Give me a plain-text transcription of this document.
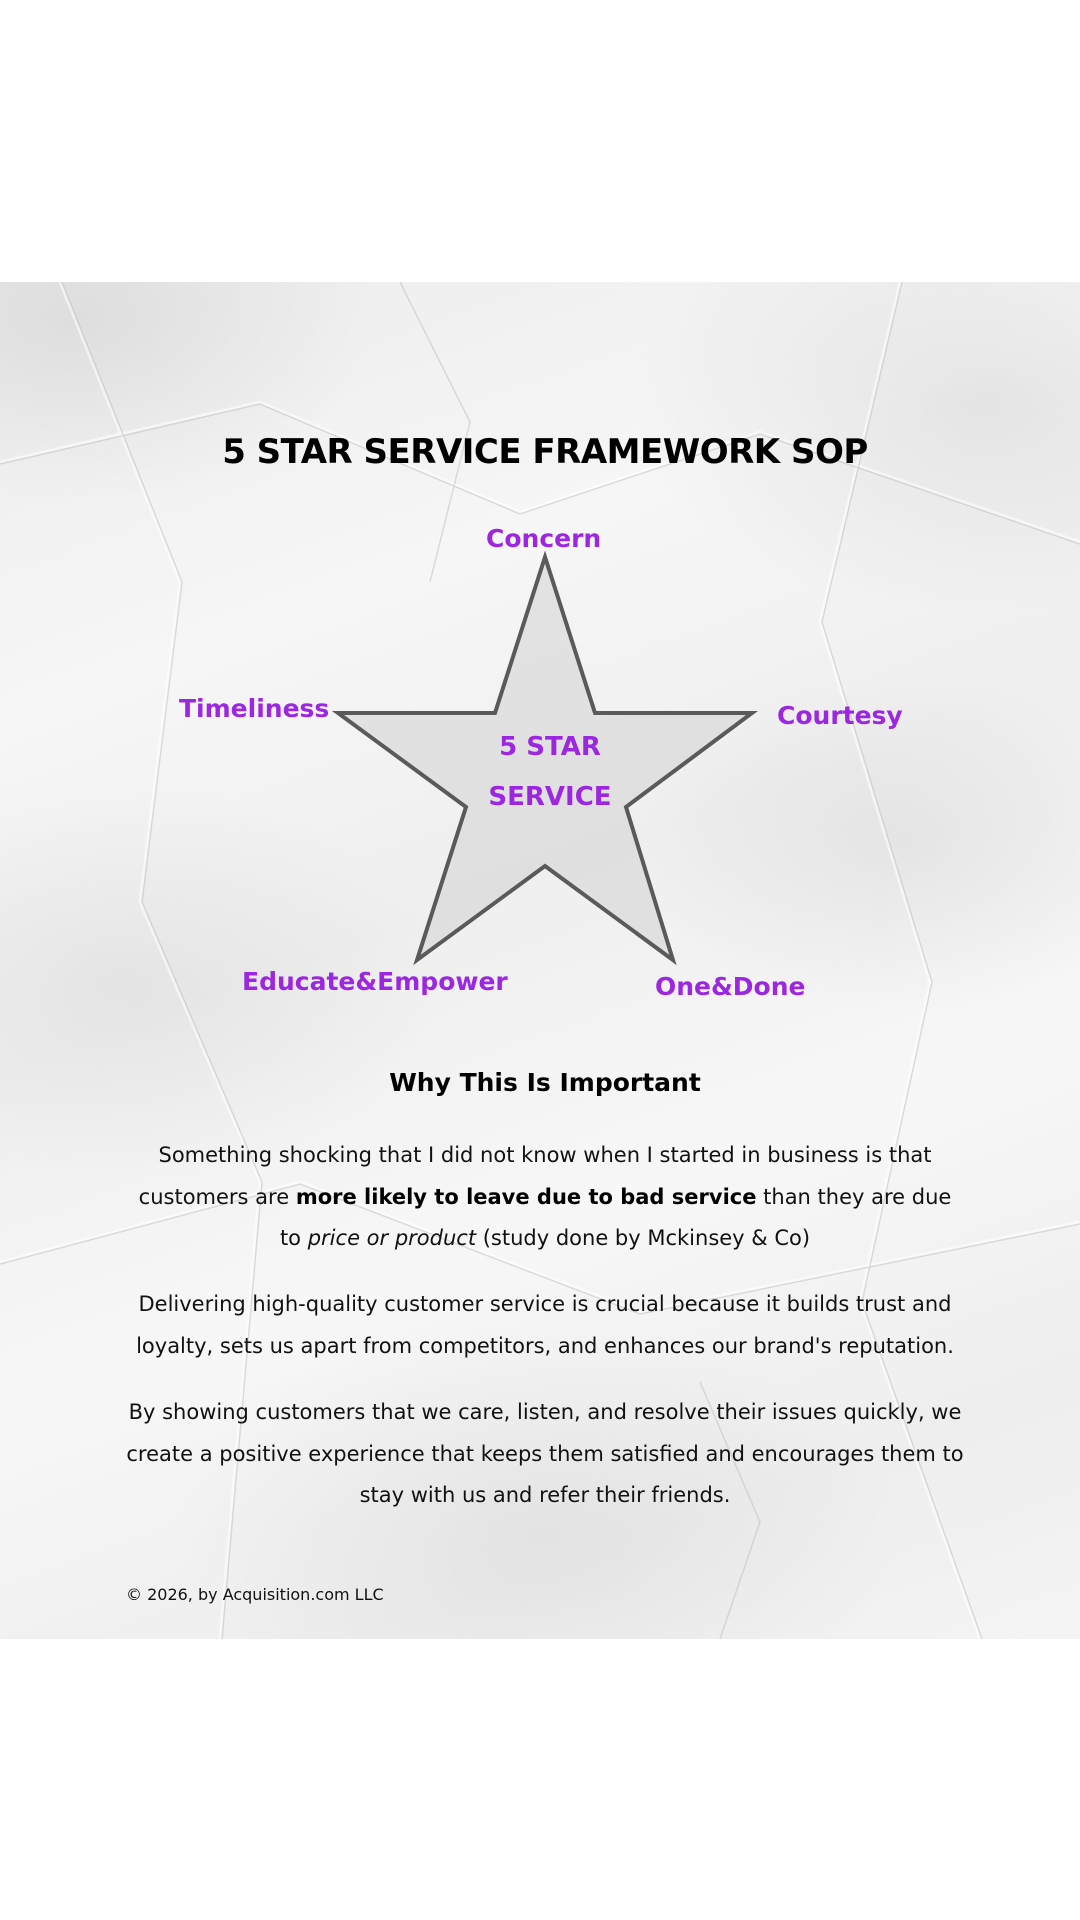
5 STAR SERVICE FRAMEWORK SOP

Concern

Timeliness	Courtesy

Educate&Empower	One&Done

5 STAR
SERVICE
Why This Is Important

Something shocking that I did not know when I started in business is that customers are more likely to leave due to bad service than they are due to price or product (study done by Mckinsey & Co)

Delivering high-quality customer service is crucial because it builds trust and loyalty, sets us apart from competitors, and enhances our brand's reputation.

By showing customers that we care, listen, and resolve their issues quickly, we create a positive experience that keeps them satisfied and encourages them to stay with us and refer their friends.

© 2026, by Acquisition.com LLC
